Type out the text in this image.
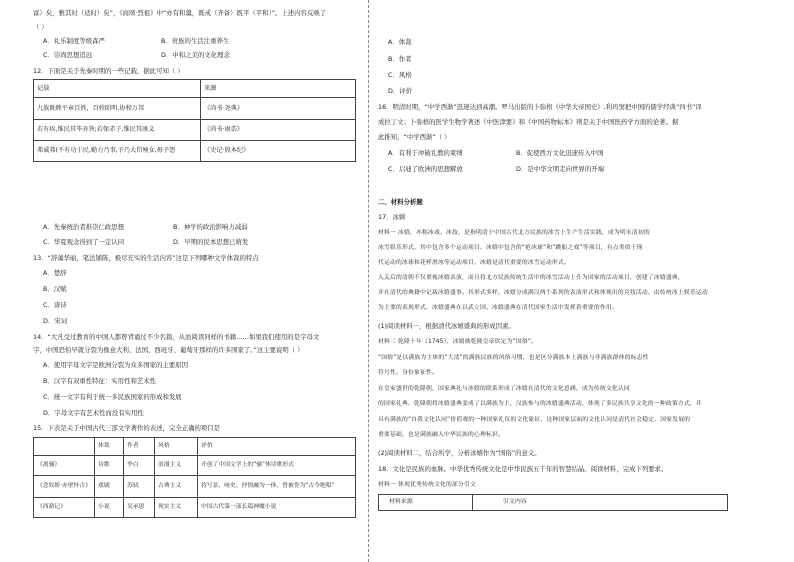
富）矣，雅其时（适时）矣”，《商颂·烈祖》中“亦有和羹，既戒（齐备）既平（平和）”。上述内容反映了
（ ）
A．礼乐制度等级森严	B．贵族的生活注重养生
C．崇尚思想追远	D．中和之美的文化理念
12．下面是关于先秦时期的一些记载，据此可知（ ）
记载	来源
九族既睦平章百姓，百姓昭明,协和万邦	《尚书·尧典》
若有疾,惟民其毕弃咎;若保赤子,惟民其康义	《尚书·康诰》
弗诚弗(不有功于民,勤力乃事,予乃大罚殛女,毋予怨	《史记·殷本纪》
A．先秦统治者推崇仁政思想	B．神学的政治影响力减弱
C．华夏观念得到了一定认同	D．早期的民本思想已萌发
13．“辞藻华丽，笔法铺陈，极尽充实的生活内容”这是下列哪种文学体裁的特点
A．楚辞
B．汉赋
C．唐诗
D．宋词
14．“大凡受过教育的中国人都曾背诵过不少名篇，从而阅读同样的书籍……如果我们使用的是字母文
字，中国恐怕早就分裂为像意大利、法国、西班牙、葡萄牙那样的许多国家了。”这主要说明（ ）
A．使用字母文字是欧洲分裂为众多国家的主要原因
B．汉字有双重性特征：实用性和艺术性
C．统一文字有利于统一多民族国家的形成和发展
D．字母文字有艺术性而没有实用性
15．下表是关于中国古代三部文学著作的表述，完全正确的项目是
	体裁	作者	风格	评价
《离骚》	诗歌	李白	浪漫主义	开创了中国文学上的“骚”体诗歌形式
《念奴娇·赤壁怀古》	戏剧	苏轼	古典主义	将写景、咏史、抒情融为一体，曾被誉为“古今绝唱”
《西游记》	小说	吴承恩	现实主义	中国古代第一部长篇神魔小说
A．体裁
B．作者
C．风格
D．评价
16．明清时期，“中学西渐”迅速达到高潮。罗马出版的卜弥格《中华大帝国史》,利玛窦把中国的儒学经典“四书”译
成拉丁文；卜弥格的医学生物学著述《中医津要》和《中国药物标本》则是关于中国医药学方面的论著。据
此推知，“中学西渐”（ ）
A．有利于冲破礼教的束缚	B．促使西方文化迅速传入中国
C．启迪了欧洲的思想解放	D．是中华文明走向世界的开端
二、材料分析题
17．冰嬉
材料一 冰嬉，亦称冰戏、冰技，是指明清于中国古代北方民族的冰雪上生产生活实践，成为明末清初的
冰雪娱乐形式，其中包含多个运动项目。冰嬉中包含的“抢冰球”和“跳船之戏”等项目，有点类似于现
代运动的冰球和花样滑冰等运动项目，冰嬉是清代重要的冰雪运动形式。
入关后的清朝不仅重视冰嬉表演，而且将北方民族传统生活中的冰雪活动上升为国家的活动项目，创建了冰嬉盛典，
并在清代的典籍中记载冰嬉盛事。其形式多样，冰嬉分成满汉两个系列的表演形式和体现出的竞技活动，由传统冰上娱乐运动
为主要的表现形式，冰嬉盛典在以武立国、冰嬉盛典在清代国家生活中发挥着重要的作用。
(1)阅读材料一，根据清代冰嬉盛典的形成因素。
材料二 乾隆十年（1745），冰嬉被乾隆皇帝钦定为“国俗”。
“国俗”是以满族为主体的“大清”的满族民族的风俗习惯，也是区分满族本土满族与非满族群体的标志性
符号性、身份象征性。
在皇家盛世的乾隆朝，国家典礼与冰嬉的联系形成了冰嬉在清代的文化意涵，成为传统文化认同
的国家礼典。乾隆朝将冰嬉盛典变成了以满族为主，汉族参与的冰嬉盛典活动，体现了多民族共享文化的一种政策方式，并
具有满族的“自我文化认同”价值观的一种国家礼仪的文化象征，这种国家层面的文化认同是清代社会稳定、国家发展的
重要基础，也是满族融入中华民族的心理标识。
(2)阅读材料二，结合所学，分析冰嬉作为“国俗”的意义。
18．文化是民族的血脉。中华优秀传统文化是中华民族五千年的智慧结晶。阅读材料，完成下列要求。
材料一 体现优秀传统文化的部分引文
材料来源	引文内容
